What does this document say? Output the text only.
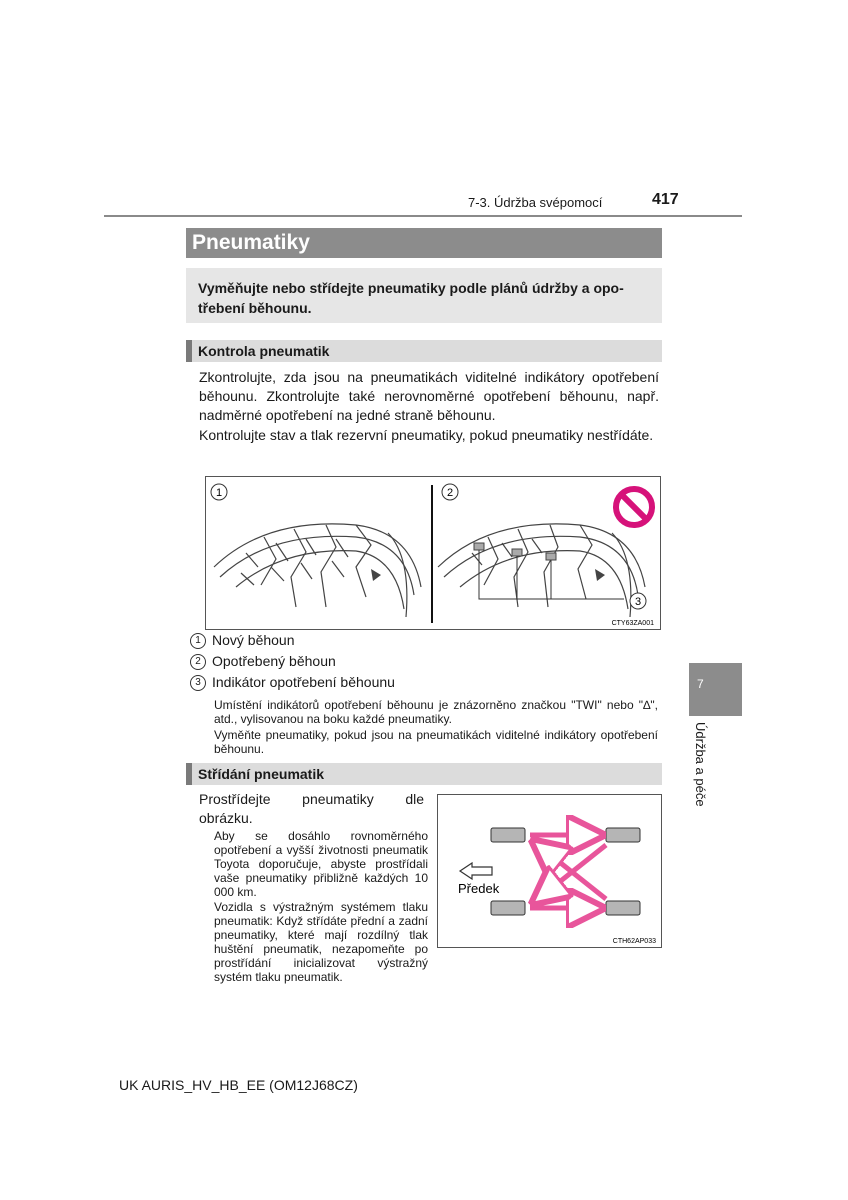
7-3. Údržba svépomocí	417
Pneumatiky

Vyměňujte nebo střídejte pneumatiky podle plánů údržby a opo-
třebení běhounu.

Kontrola pneumatik
Zkontrolujte, zda jsou na pneumatikách viditelné indikátory opotřebení běhounu. Zkontrolujte také nerovnoměrné opotřebení běhounu, např. nadměrné opotřebení na jedné straně běhounu.
Kontrolujte stav a tlak rezervní pneumatiky, pokud pneumatiky nestřídáte.
1	2
3
CTY63ZA001
1 Nový běhoun
2 Opotřebený běhoun
3 Indikátor opotřebení běhounu
Umístění indikátorů opotřebení běhounu je znázorněno značkou "TWI" nebo "∆", atd., vylisovanou na boku každé pneumatiky.
Vyměňte pneumatiky, pokud jsou na pneumatikách viditelné indikátory opotřebení běhounu.
Střídání pneumatik
Prostřídejte pneumatiky dle obrázku.
Aby se dosáhlo rovnoměrného opotřebení a vyšší životnosti pneumatik Toyota doporučuje, abyste prostřídali vaše pneumatiky přibližně každých 10 000 km.
Vozidla s výstražným systémem tlaku pneumatik: Když střídáte přední a zadní pneumatiky, které mají rozdílný tlak huštění pneumatik, nezapomeňte po prostřídání inicializovat výstražný systém tlaku pneumatik.
Předek
CTH62AP033
7
Údržba a péče
UK AURIS_HV_HB_EE (OM12J68CZ)
